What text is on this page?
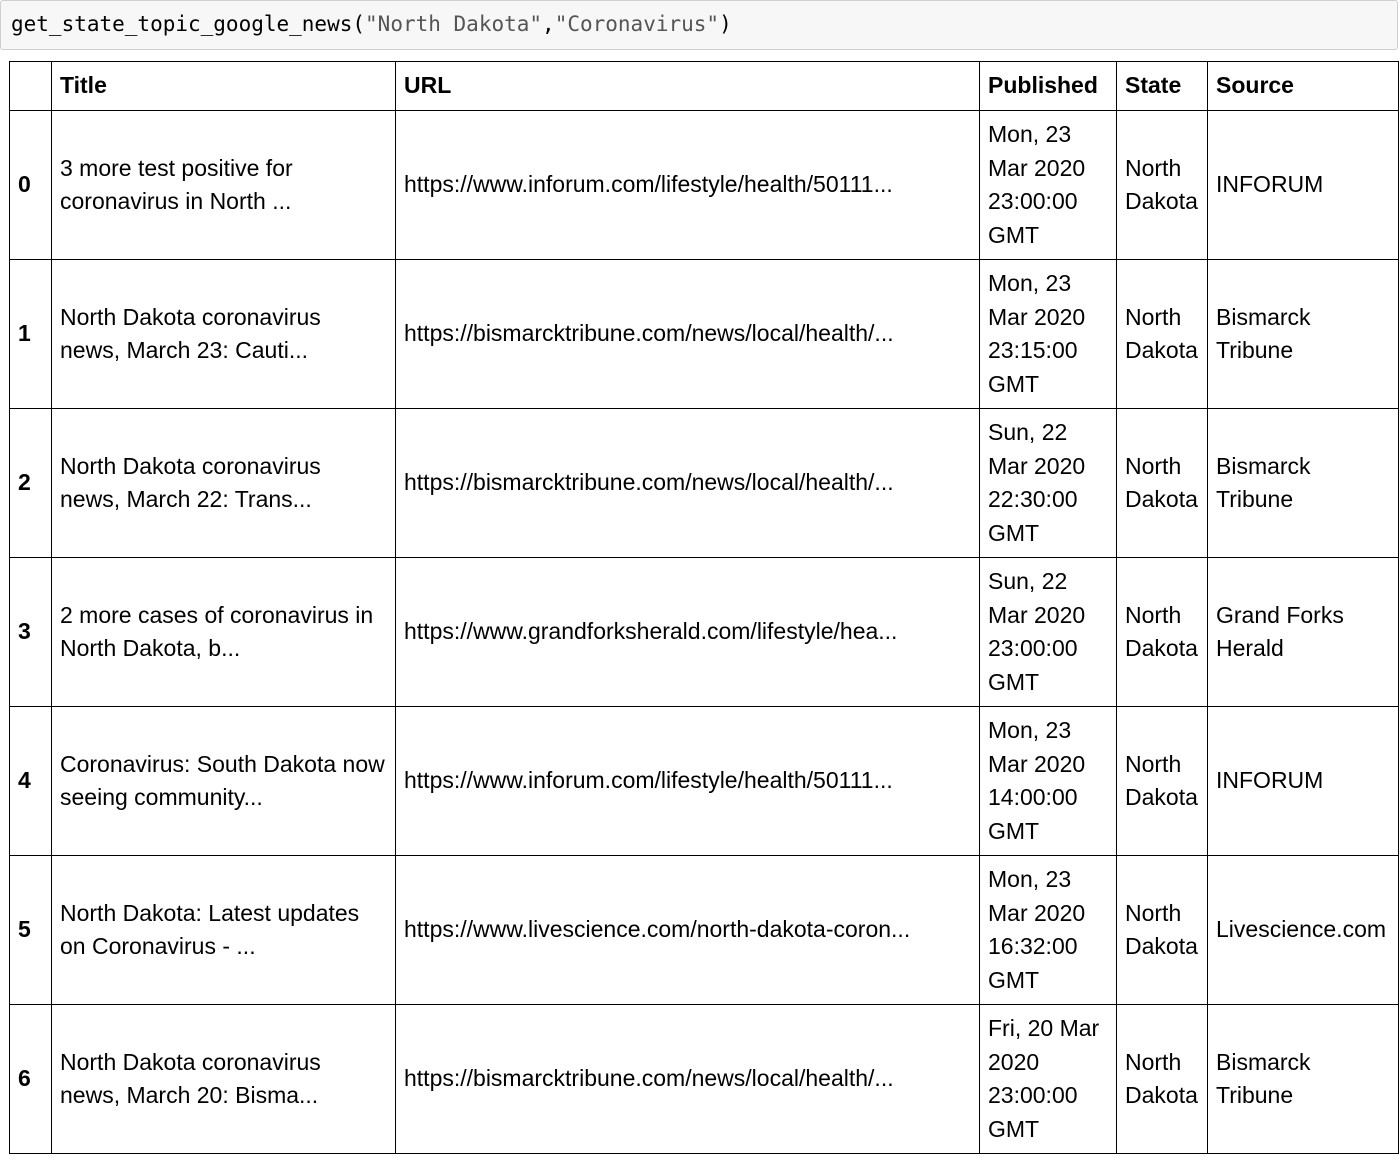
get_state_topic_google_news("North Dakota","Coronavirus")
	Title	URL	Published	State	Source
0	3 more test positive for coronavirus in North ...	https://www.inforum.com/lifestyle/health/50111...	Mon, 23 Mar 2020 23:00:00 GMT	North Dakota	INFORUM
1	North Dakota coronavirus news, March 23: Cauti...	https://bismarcktribune.com/news/local/health/...	Mon, 23 Mar 2020 23:15:00 GMT	North Dakota	Bismarck Tribune
2	North Dakota coronavirus news, March 22: Trans...	https://bismarcktribune.com/news/local/health/...	Sun, 22 Mar 2020 22:30:00 GMT	North Dakota	Bismarck Tribune
3	2 more cases of coronavirus in North Dakota, b...	https://www.grandforksherald.com/lifestyle/hea...	Sun, 22 Mar 2020 23:00:00 GMT	North Dakota	Grand Forks Herald
4	Coronavirus: South Dakota now seeing community...	https://www.inforum.com/lifestyle/health/50111...	Mon, 23 Mar 2020 14:00:00 GMT	North Dakota	INFORUM
5	North Dakota: Latest updates on Coronavirus - ...	https://www.livescience.com/north-dakota-coron...	Mon, 23 Mar 2020 16:32:00 GMT	North Dakota	Livescience.com
6	North Dakota coronavirus news, March 20: Bisma...	https://bismarcktribune.com/news/local/health/...	Fri, 20 Mar 2020 23:00:00 GMT	North Dakota	Bismarck Tribune
